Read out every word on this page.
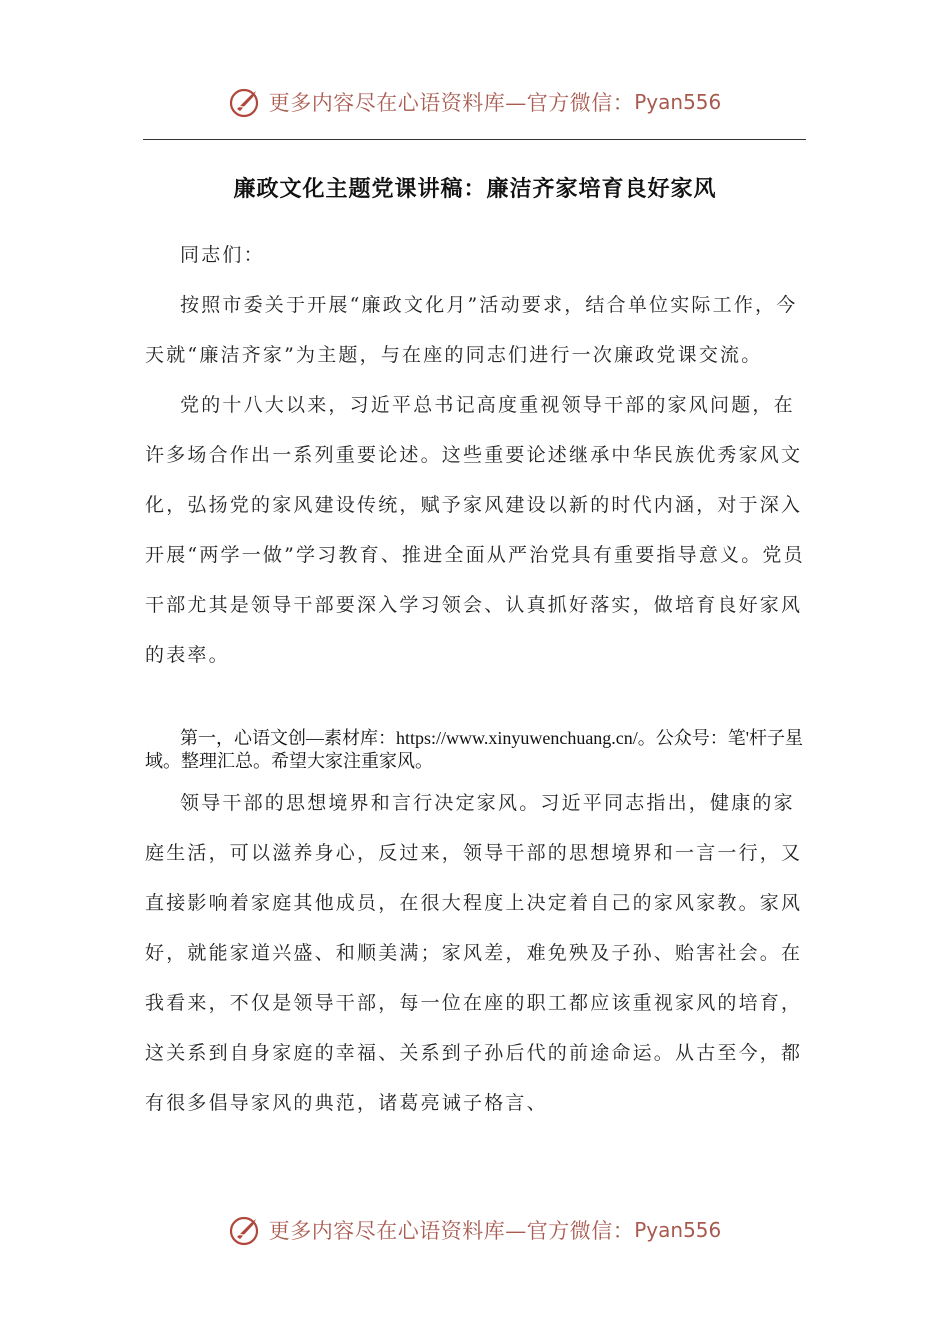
更多内容尽在心语资料库—官方微信： Pyan556
廉政文化主题党课讲稿：廉洁齐家培育良好家风

同志们：

按照市委关于开展“廉政文化月”活动要求，结合单位实际工作，今天就“廉洁齐家”为主题，与在座的同志们进行一次廉政党课交流。

党的十八大以来，习近平总书记高度重视领导干部的家风问题，在许多场合作出一系列重要论述。这些重要论述继承中华民族优秀家风文化，弘扬党的家风建设传统，赋予家风建设以新的时代内涵，对于深入开展“两学一做”学习教育、推进全面从严治党具有重要指导意义。党员干部尤其是领导干部要深入学习领会、认真抓好落实，做培育良好家风的表率。

第一，心语文创—素材库：https://www.xinyuwenchuang.cn/。公众号：笔'杆子星域。整理汇总。希望大家注重家风。

领导干部的思想境界和言行决定家风。习近平同志指出，健康的家庭生活，可以滋养身心，反过来，领导干部的思想境界和一言一行，又直接影响着家庭其他成员，在很大程度上决定着自己的家风家教。家风好，就能家道兴盛、和顺美满；家风差，难免殃及子孙、贻害社会。在我看来，不仅是领导干部，每一位在座的职工都应该重视家风的培育，这关系到自身家庭的幸福、关系到子孙后代的前途命运。从古至今，都有很多倡导家风的典范，诸葛亮诫子格言、

更多内容尽在心语资料库—官方微信： Pyan556
